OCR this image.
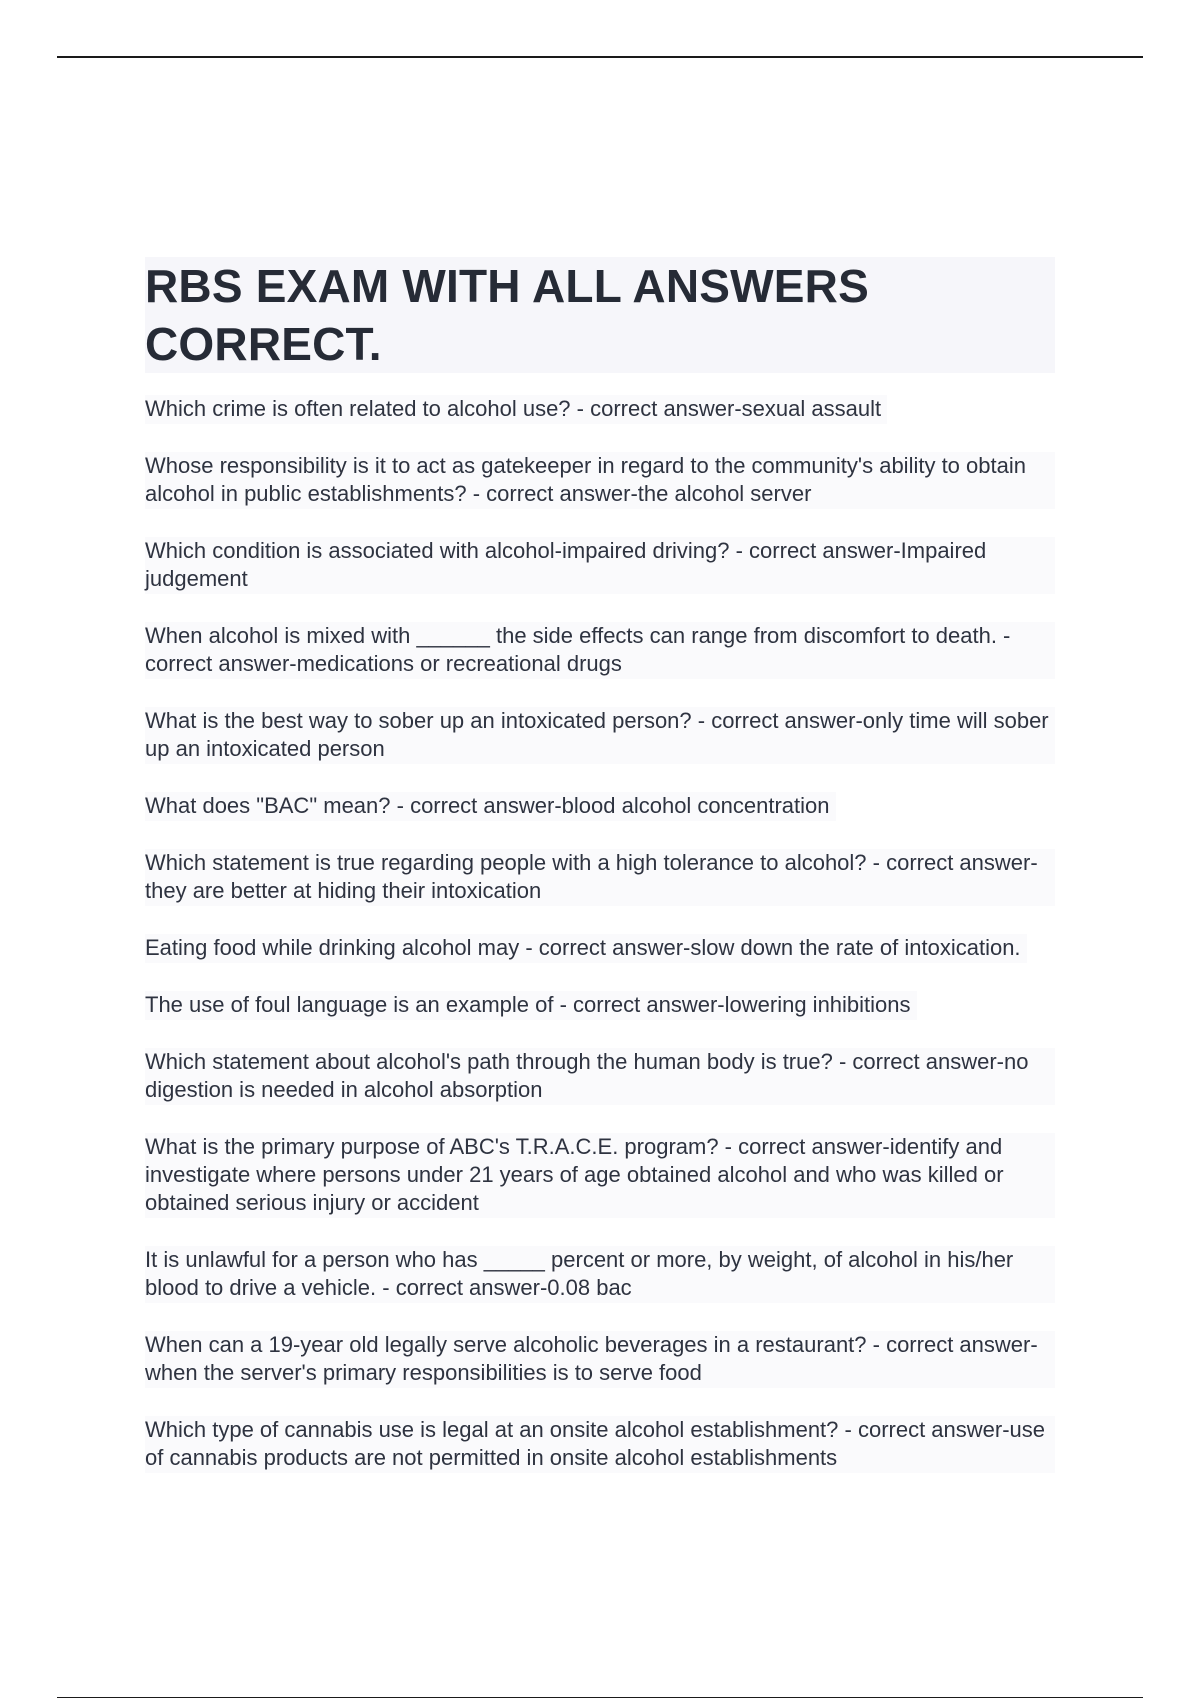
RBS EXAM WITH ALL ANSWERS CORRECT.
Which crime is often related to alcohol use? - correct answer-sexual assault
Whose responsibility is it to act as gatekeeper in regard to the community's ability to obtain alcohol in public establishments? - correct answer-the alcohol server
Which condition is associated with alcohol-impaired driving? - correct answer-Impaired judgement
When alcohol is mixed with ______ the side effects can range from discomfort to death. - correct answer-medications or recreational drugs
What is the best way to sober up an intoxicated person? - correct answer-only time will sober up an intoxicated person
What does "BAC" mean? - correct answer-blood alcohol concentration
Which statement is true regarding people with a high tolerance to alcohol? - correct answer-they are better at hiding their intoxication
Eating food while drinking alcohol may - correct answer-slow down the rate of intoxication.
The use of foul language is an example of - correct answer-lowering inhibitions
Which statement about alcohol's path through the human body is true? - correct answer-no digestion is needed in alcohol absorption
What is the primary purpose of ABC's T.R.A.C.E. program? - correct answer-identify and investigate where persons under 21 years of age obtained alcohol and who was killed or obtained serious injury or accident
It is unlawful for a person who has _____ percent or more, by weight, of alcohol in his/her blood to drive a vehicle. - correct answer-0.08 bac
When can a 19-year old legally serve alcoholic beverages in a restaurant? - correct answer-when the server's primary responsibilities is to serve food
Which type of cannabis use is legal at an onsite alcohol establishment? - correct answer-use of cannabis products are not permitted in onsite alcohol establishments
